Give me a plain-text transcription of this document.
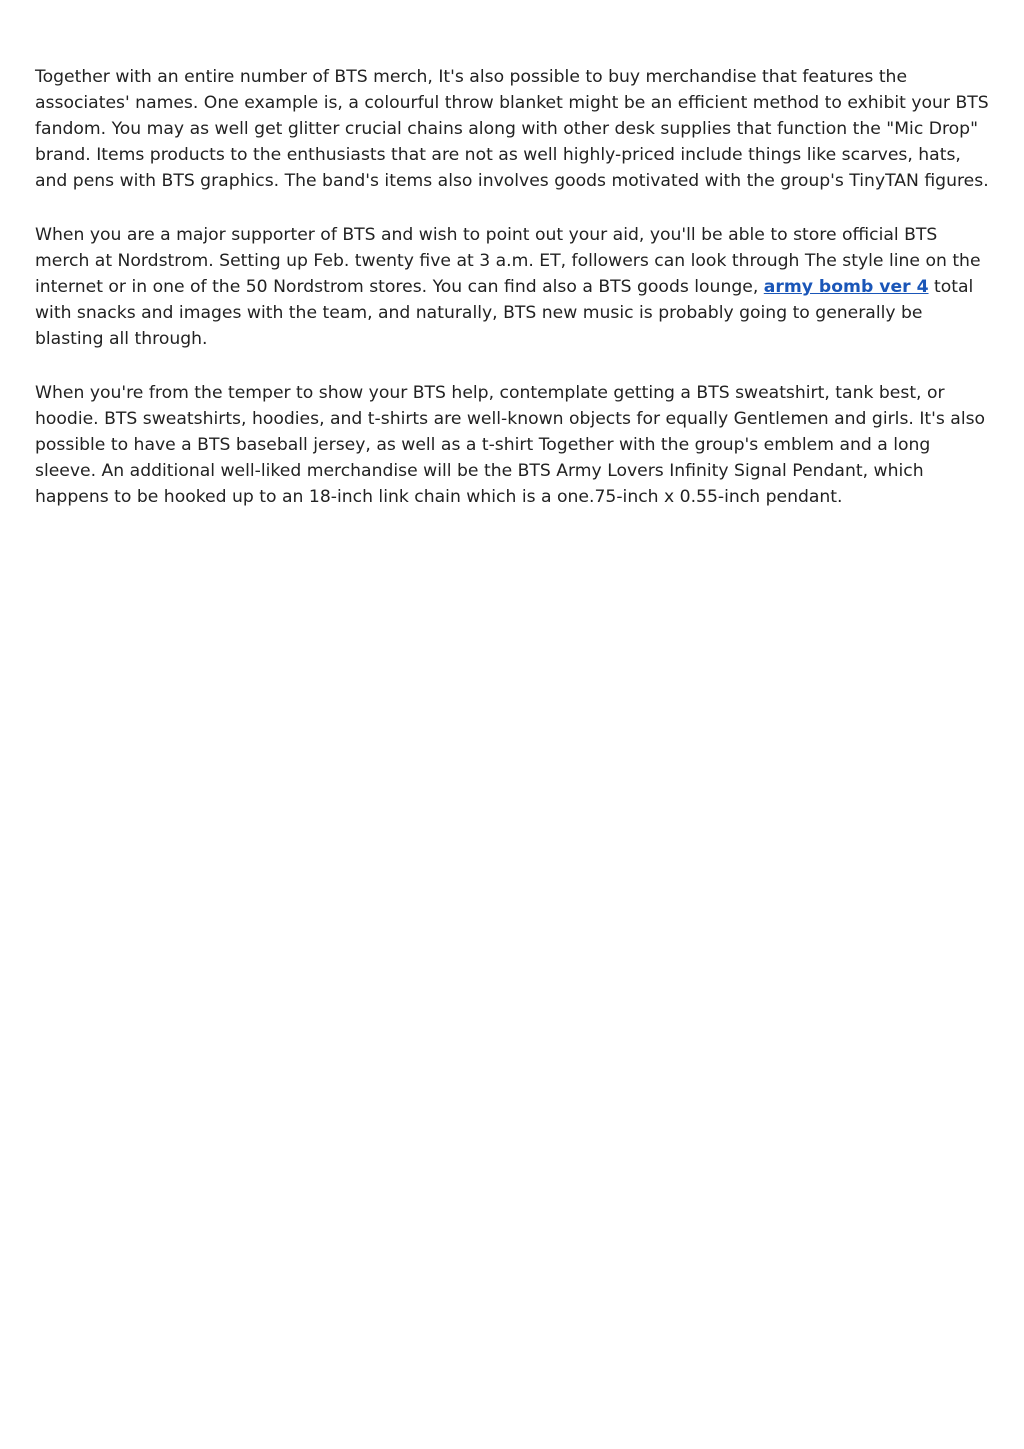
Together with an entire number of BTS merch, It's also possible to buy merchandise that features the associates' names. One example is, a colourful throw blanket might be an efficient method to exhibit your BTS fandom. You may as well get glitter crucial chains along with other desk supplies that function the "Mic Drop" brand. Items products to the enthusiasts that are not as well highly-priced include things like scarves, hats, and pens with BTS graphics. The band's items also involves goods motivated with the group's TinyTAN figures.

When you are a major supporter of BTS and wish to point out your aid, you'll be able to store official BTS merch at Nordstrom. Setting up Feb. twenty five at 3 a.m. ET, followers can look through The style line on the internet or in one of the 50 Nordstrom stores. You can find also a BTS goods lounge, army bomb ver 4 total with snacks and images with the team, and naturally, BTS new music is probably going to generally be blasting all through.

When you're from the temper to show your BTS help, contemplate getting a BTS sweatshirt, tank best, or hoodie. BTS sweatshirts, hoodies, and t-shirts are well-known objects for equally Gentlemen and girls. It's also possible to have a BTS baseball jersey, as well as a t-shirt Together with the group's emblem and a long sleeve. An additional well-liked merchandise will be the BTS Army Lovers Infinity Signal Pendant, which happens to be hooked up to an 18-inch link chain which is a one.75-inch x 0.55-inch pendant.
